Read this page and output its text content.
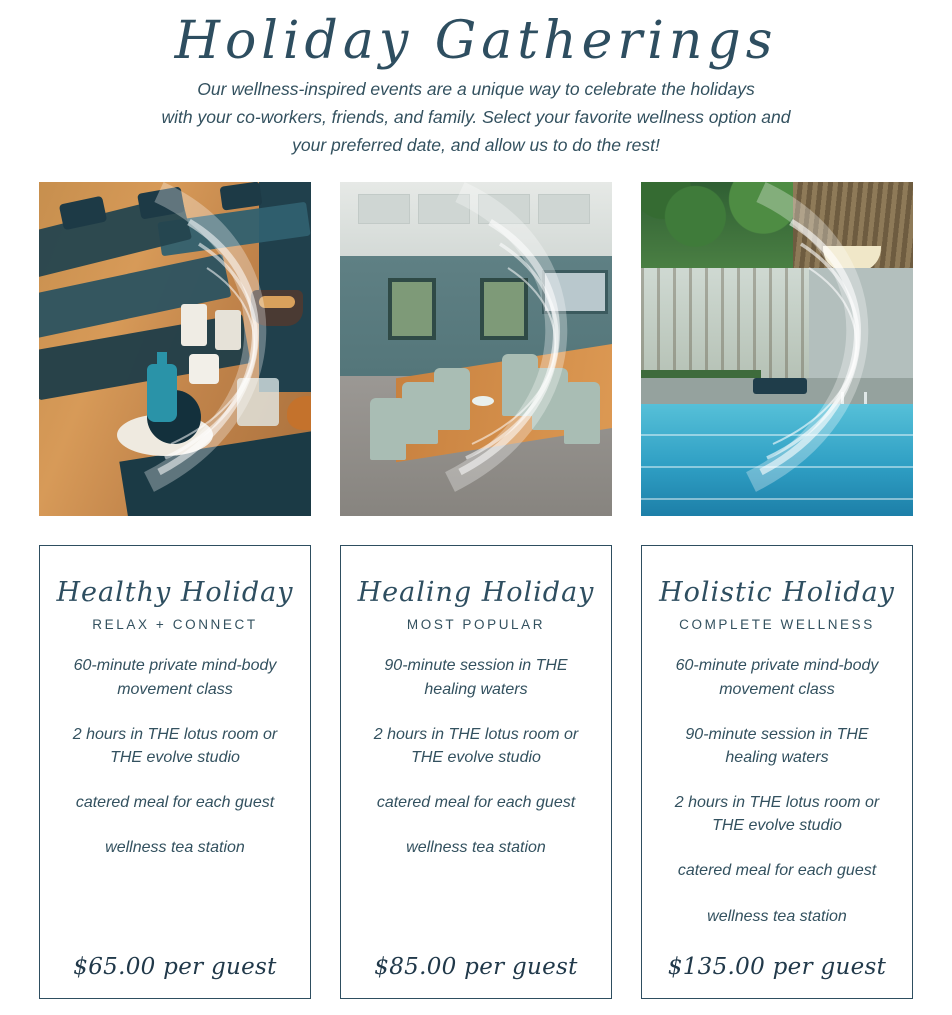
Holiday Gatherings
Our wellness-inspired events are a unique way to celebrate the holidays
with your co-workers, friends, and family. Select your favorite wellness option and
your preferred date, and allow us to do the rest!
Healthy Holiday
RELAX + CONNECT
60-minute private mind-body movement class
2 hours in THE lotus room or THE evolve studio
catered meal for each guest
wellness tea station
$65.00 per guest
Healing Holiday
MOST POPULAR
90-minute session in THE healing waters
2 hours in THE lotus room or THE evolve studio
catered meal for each guest
wellness tea station
$85.00 per guest
Holistic Holiday
COMPLETE WELLNESS
60-minute private mind-body movement class
90-minute session in THE healing waters
2 hours in THE lotus room or THE evolve studio
catered meal for each guest
wellness tea station
$135.00 per guest
